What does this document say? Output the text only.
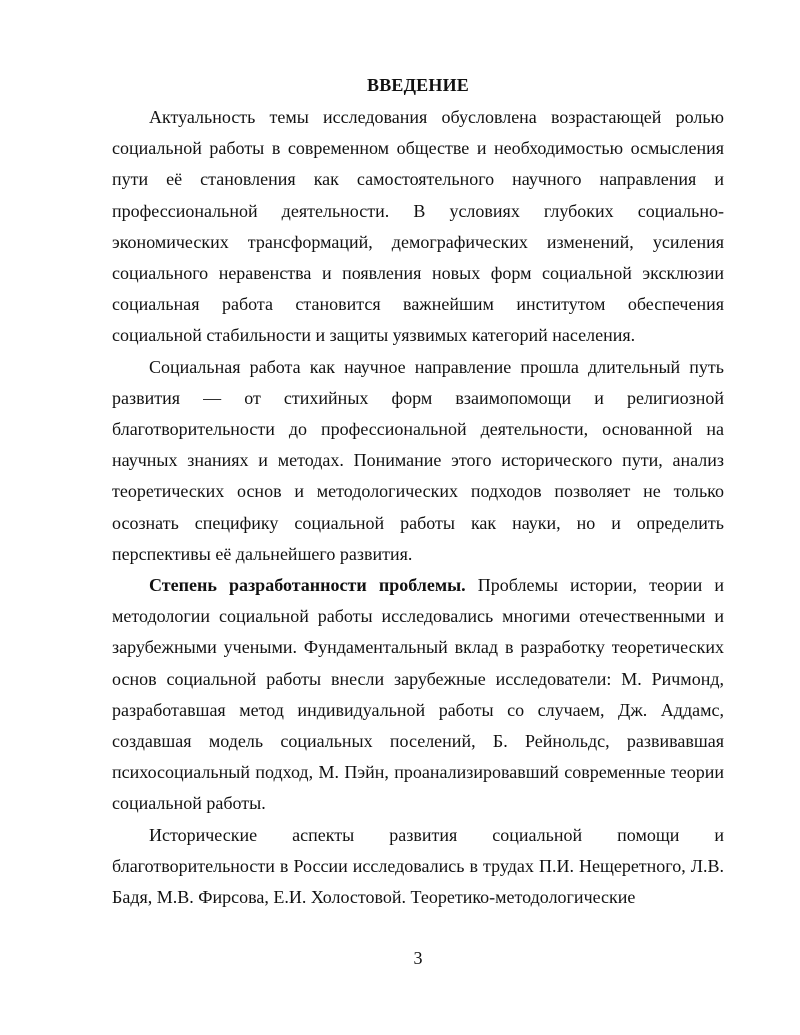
ВВЕДЕНИЕ

Актуальность темы исследования обусловлена возрастающей ролью социальной работы в современном обществе и необходимостью осмысления пути её становления как самостоятельного научного направления и профессиональной деятельности. В условиях глубоких социально-экономических трансформаций, демографических изменений, усиления социального неравенства и появления новых форм социальной эксклюзии социальная работа становится важнейшим институтом обеспечения социальной стабильности и защиты уязвимых категорий населения.

Социальная работа как научное направление прошла длительный путь развития — от стихийных форм взаимопомощи и религиозной благотворительности до профессиональной деятельности, основанной на научных знаниях и методах. Понимание этого исторического пути, анализ теоретических основ и методологических подходов позволяет не только осознать специфику социальной работы как науки, но и определить перспективы её дальнейшего развития.

Степень разработанности проблемы. Проблемы истории, теории и методологии социальной работы исследовались многими отечественными и зарубежными учеными. Фундаментальный вклад в разработку теоретических основ социальной работы внесли зарубежные исследователи: М. Ричмонд, разработавшая метод индивидуальной работы со случаем, Дж. Аддамс, создавшая модель социальных поселений, Б. Рейнольдс, развивавшая психосоциальный подход, М. Пэйн, проанализировавший современные теории социальной работы.

Исторические аспекты развития социальной помощи и благотворительности в России исследовались в трудах П.И. Нещеретного, Л.В. Бадя, М.В. Фирсова, Е.И. Холостовой. Теоретико-методологические

3
